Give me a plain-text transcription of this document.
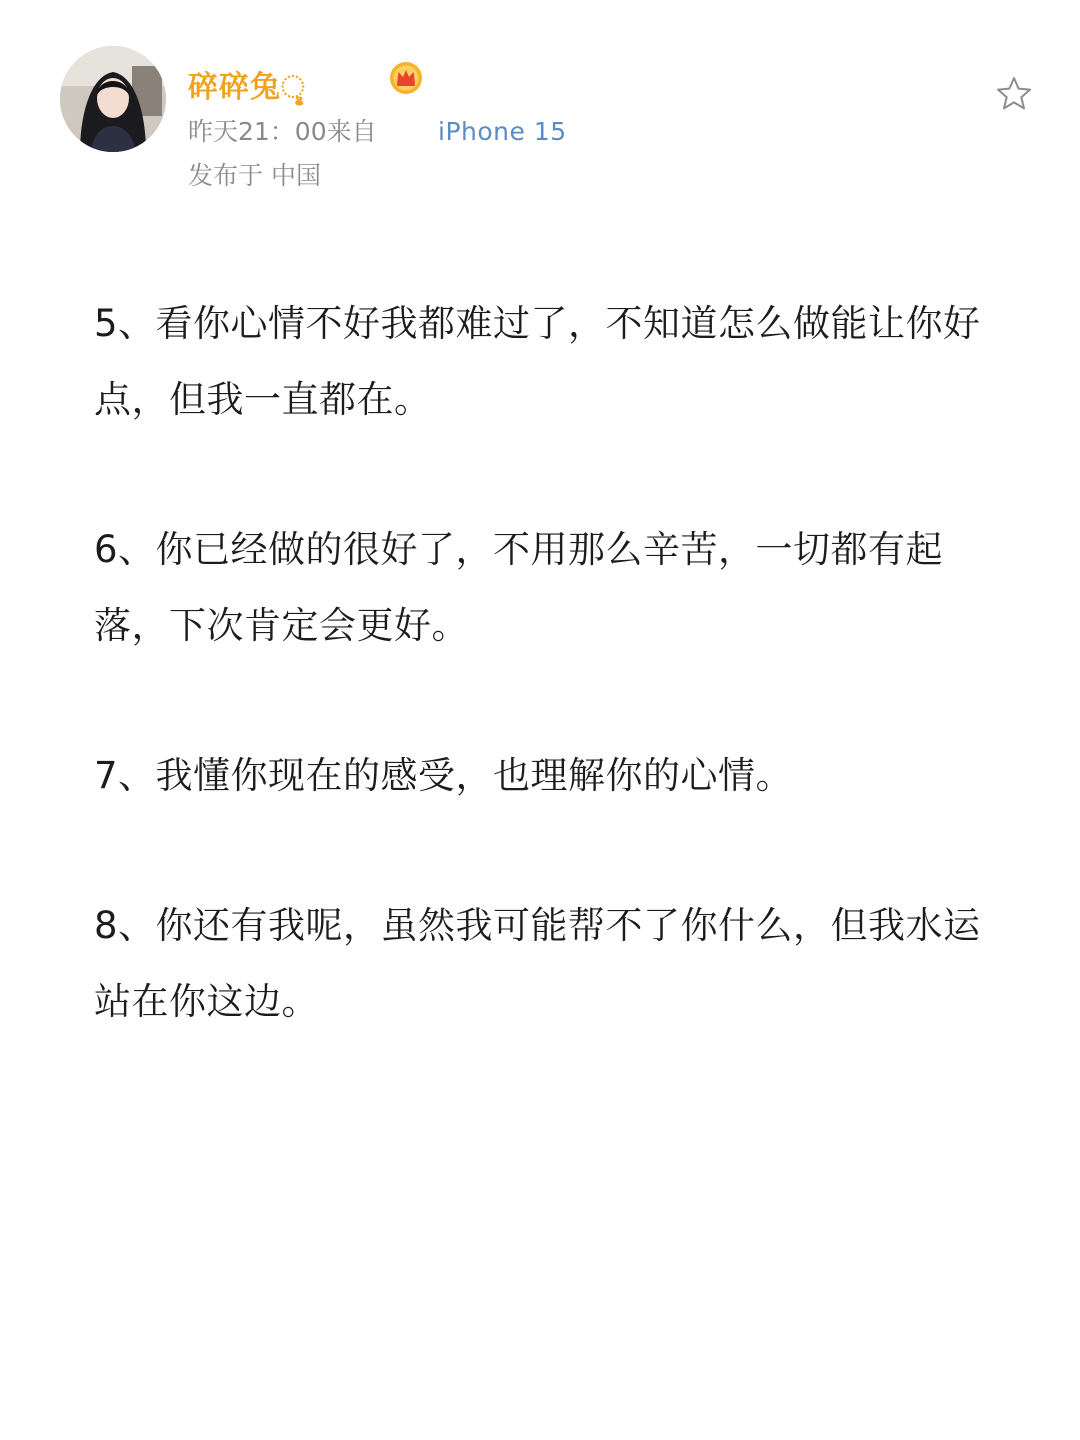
碎碎兔ୢ
昨天21：00来自 iPhone 15
发布于 中国

5、看你心情不好我都难过了，不知道怎么做能让你好点，但我一直都在。

6、你已经做的很好了，不用那么辛苦，一切都有起落，下次肯定会更好。

7、我懂你现在的感受，也理解你的心情。

8、你还有我呢，虽然我可能帮不了你什么，但我水运站在你这边。
